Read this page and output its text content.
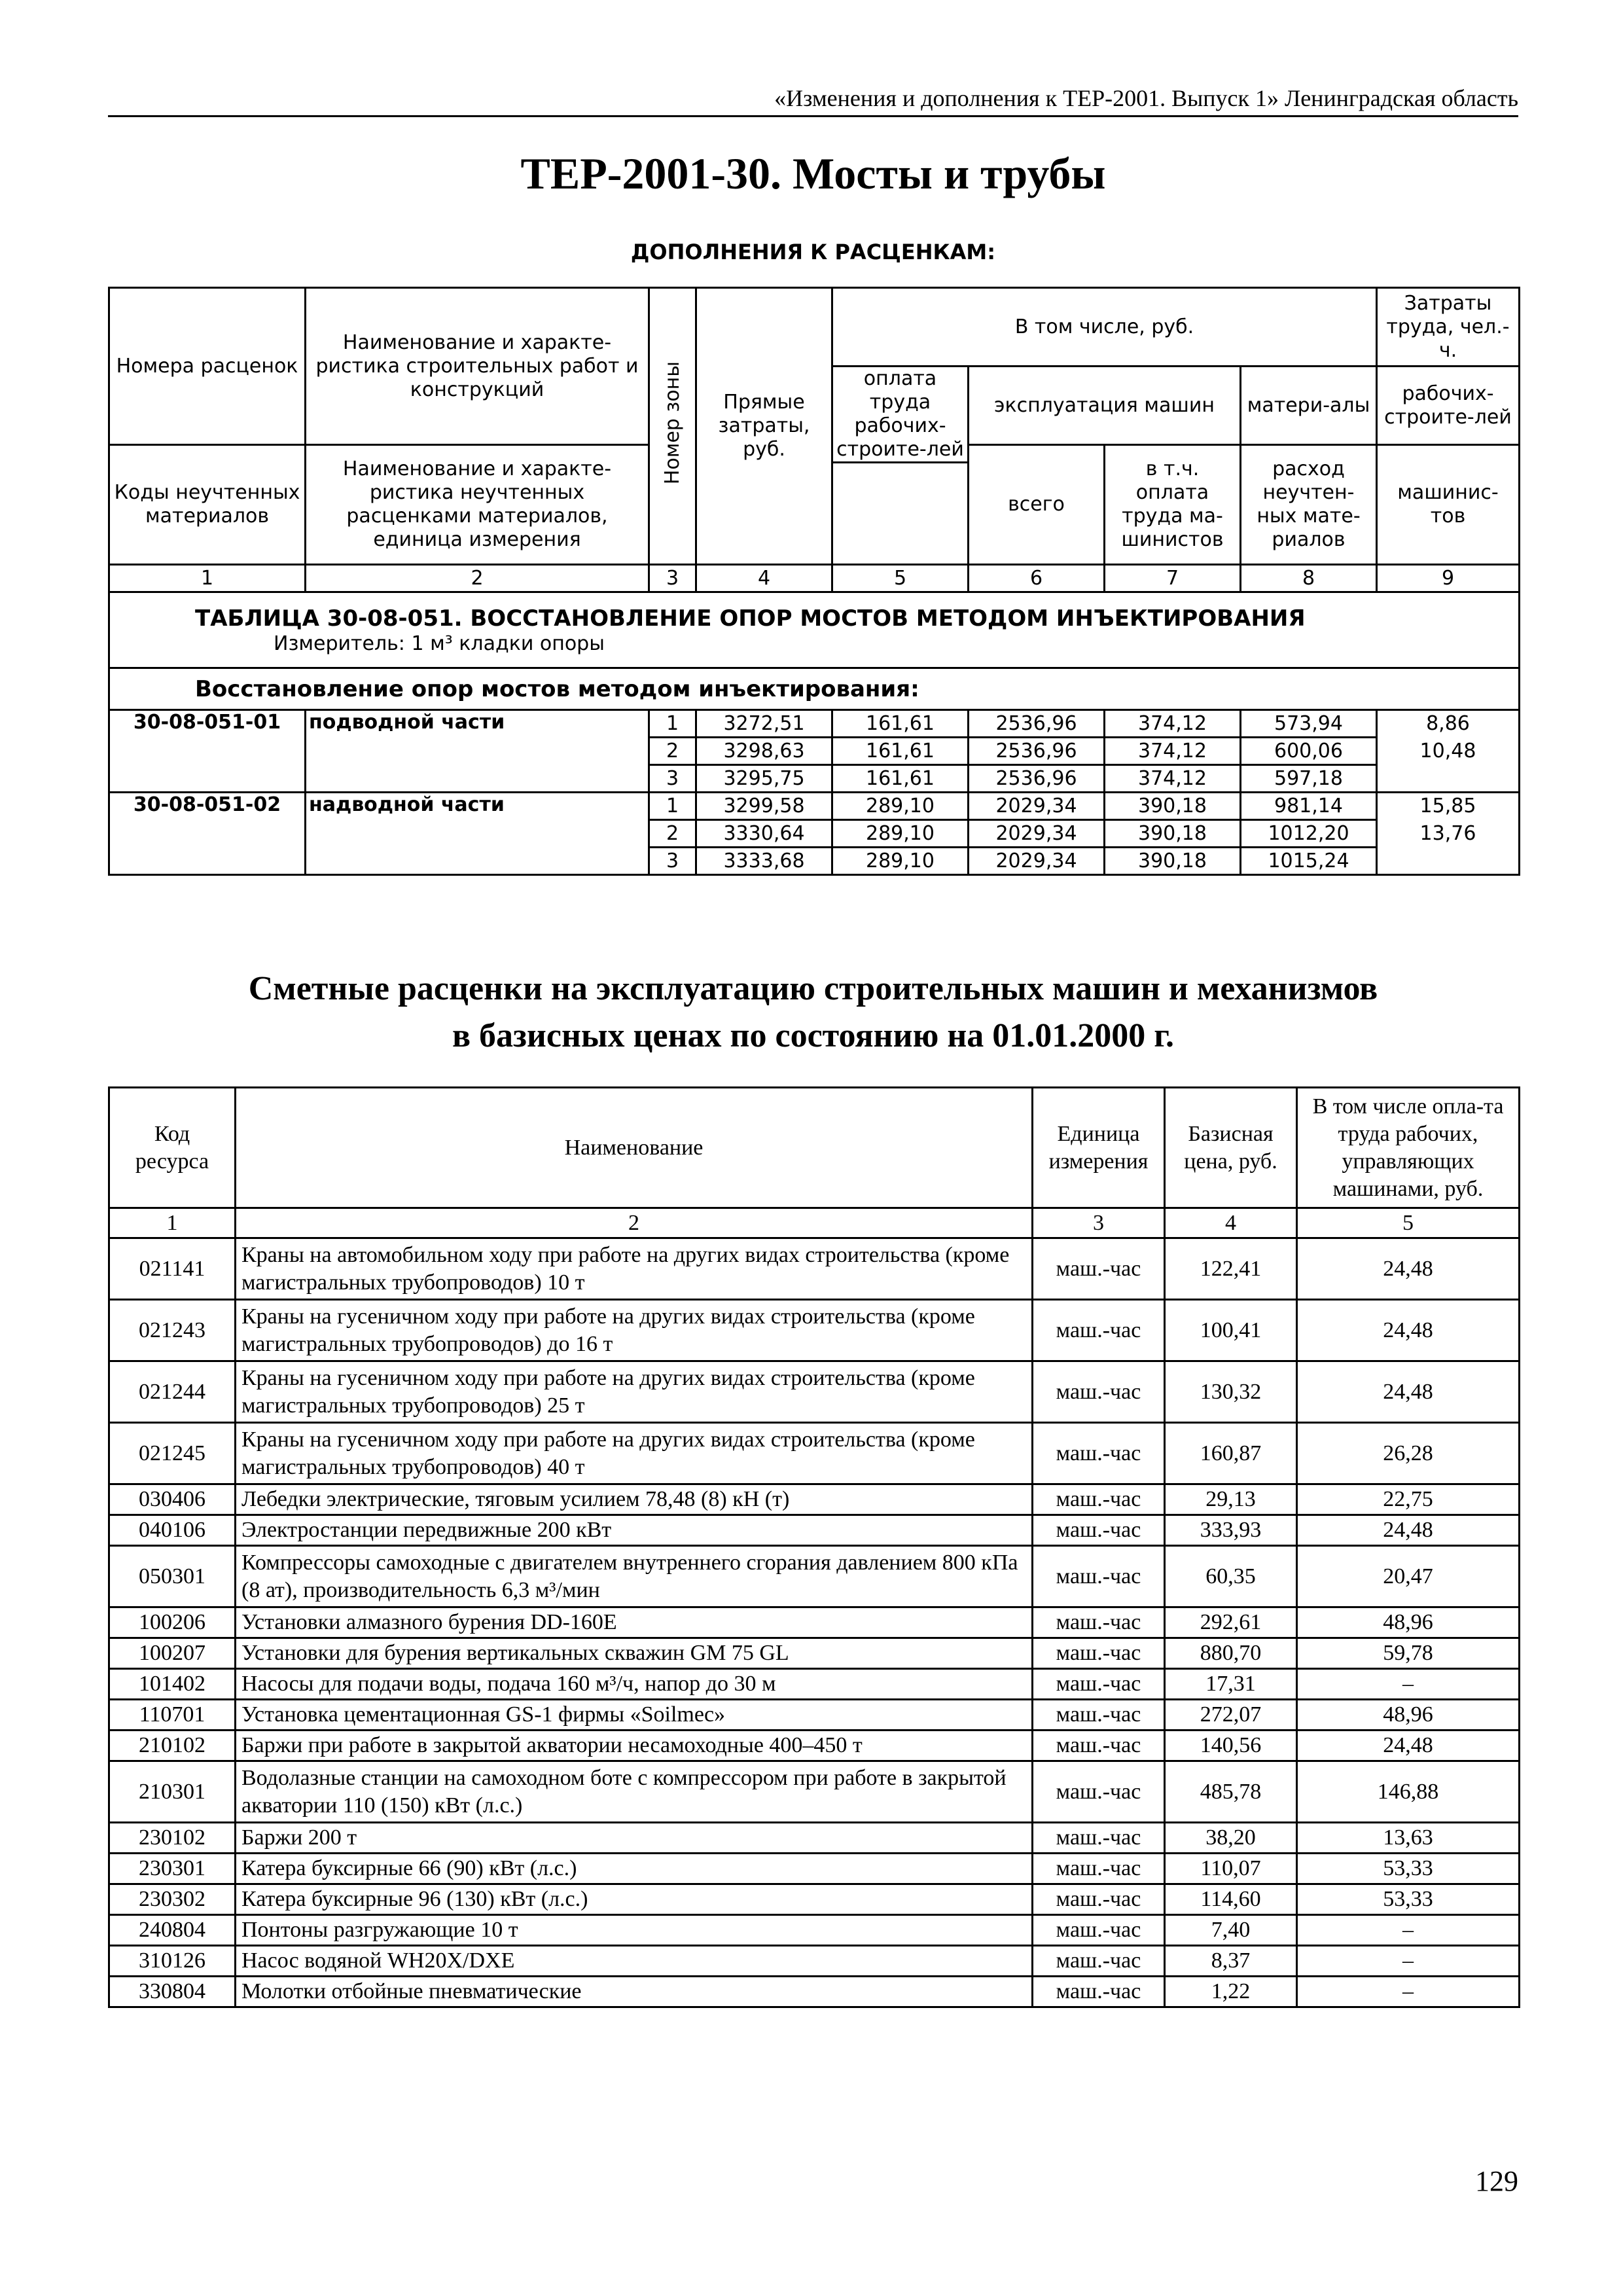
«Изменения и дополнения к ТЕР-2001. Выпуск 1» Ленинградская область
ТЕР-2001-30. Мосты и трубы
ДОПОЛНЕНИЯ К РАСЦЕНКАМ:
Номера расценок	Наименование и характе-ристика строительных работ и конструкций	Номер зоны	Прямые затраты, руб.	В том числе, руб.				Затраты труда, чел.-ч.
				оплата труда рабочих-строите-лей	эксплуатация машин		матери-алы	рабочих-строите-лей
Коды неучтенных материалов	Наименование и характе-ристика неучтенных расценками материалов, единица измерения				всего	в т.ч. оплата труда ма-шинистов	расход неучтен-ных мате-риалов	машинис-тов

1	2	3	4	5	6	7	8	9

ТАБЛИЦА 30-08-051. ВОССТАНОВЛЕНИЕ ОПОР МОСТОВ МЕТОДОМ ИНЪЕКТИРОВАНИЯ
Измеритель: 1 м³ кладки опоры								

Восстановление опор мостов методом инъектирования:								
30-08-051-01	подводной части	1	3272,51	161,61	2536,96	374,12	573,94	8,86
		2	3298,63	161,61	2536,96	374,12	600,06	10,48
		3	3295,75	161,61	2536,96	374,12	597,18	
30-08-051-02	надводной части	1	3299,58	289,10	2029,34	390,18	981,14	15,85
		2	3330,64	289,10	2029,34	390,18	1012,20	13,76
		3	3333,68	289,10	2029,34	390,18	1015,24	
Сметные расценки на эксплуатацию строительных машин и механизмов
в базисных ценах по состоянию на 01.01.2000 г.
Код ресурса	Наименование	Единица измерения	Базисная цена, руб.	В том числе опла-та труда рабочих, управляющих машинами, руб.
1	2	3	4	5
021141	Краны на автомобильном ходу при работе на других видах строительства (кроме магистральных трубопроводов) 10 т	маш.-час	122,41	24,48
021243	Краны на гусеничном ходу при работе на других видах строительства (кроме магистральных трубопроводов) до 16 т	маш.-час	100,41	24,48
021244	Краны на гусеничном ходу при работе на других видах строительства (кроме магистральных трубопроводов) 25 т	маш.-час	130,32	24,48
021245	Краны на гусеничном ходу при работе на других видах строительства (кроме магистральных трубопроводов) 40 т	маш.-час	160,87	26,28
030406	Лебедки электрические, тяговым усилием 78,48 (8) кН (т)	маш.-час	29,13	22,75
040106	Электростанции передвижные 200 кВт	маш.-час	333,93	24,48
050301	Компрессоры самоходные с двигателем внутреннего сгорания давлением 800 кПа (8 ат), производительность 6,3 м³/мин	маш.-час	60,35	20,47
100206	Установки алмазного бурения DD-160E	маш.-час	292,61	48,96
100207	Установки для бурения вертикальных скважин GM 75 GL	маш.-час	880,70	59,78
101402	Насосы для подачи воды, подача 160 м³/ч, напор до 30 м	маш.-час	17,31	–
110701	Установка цементационная GS-1 фирмы «Soilmec»	маш.-час	272,07	48,96
210102	Баржи при работе в закрытой акватории несамоходные 400–450 т	маш.-час	140,56	24,48
210301	Водолазные станции на самоходном боте с компрессором при работе в закрытой акватории 110 (150) кВт (л.с.)	маш.-час	485,78	146,88
230102	Баржи 200 т	маш.-час	38,20	13,63
230301	Катера буксирные 66 (90) кВт (л.с.)	маш.-час	110,07	53,33
230302	Катера буксирные 96 (130) кВт (л.с.)	маш.-час	114,60	53,33
240804	Понтоны разгружающие 10 т	маш.-час	7,40	–
310126	Насос водяной WH20X/DXE	маш.-час	8,37	–
330804	Молотки отбойные пневматические	маш.-час	1,22	–
129
